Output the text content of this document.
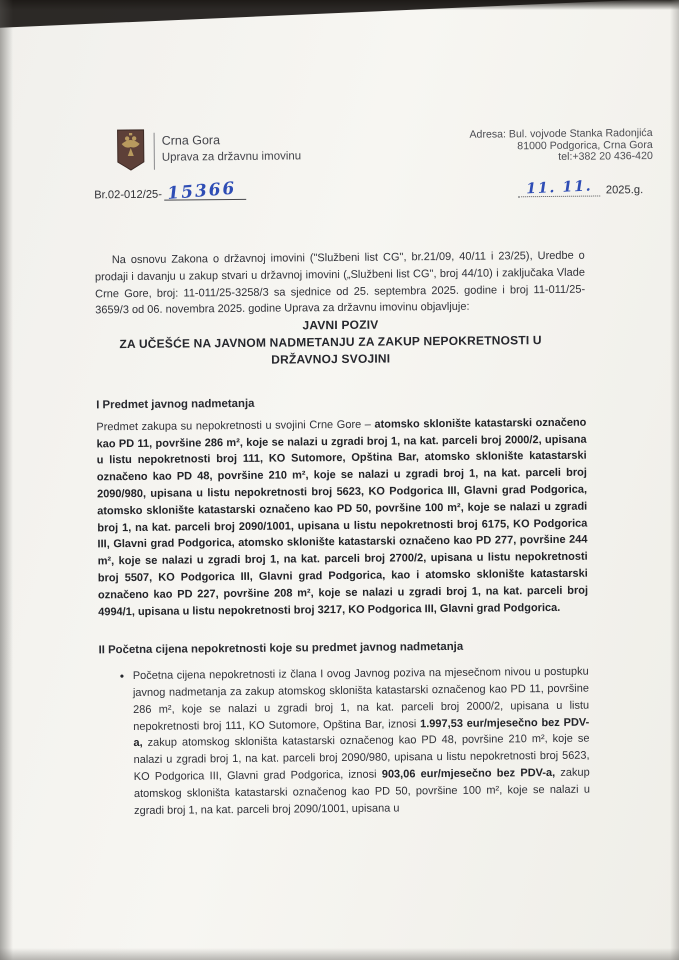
Crna Gora
Uprava za državnu imovinu
Adresa: Bul. vojvode Stanka Radonjića
81000 Podgorica, Crna Gora
tel:+382 20 436-420
Br.02-012/25- 15366	11. 11.	2025.g.

Na osnovu Zakona o državnoj imovini ("Službeni list CG", br.21/09, 40/11 i 23/25), Uredbe o prodaji i davanju u zakup stvari u državnoj imovini („Službeni list CG", broj 44/10) i zaključaka Vlade Crne Gore, broj: 11-011/25-3258/3 sa sjednice od 25. septembra 2025. godine i broj 11-011/25-3659/3 od 06. novembra 2025. godine Uprava za državnu imovinu objavljuje:

JAVNI POZIV

ZA UČEŠĆE NA JAVNOM NADMETANJU ZA ZAKUP NEPOKRETNOSTI U DRŽAVNOJ SVOJINI

I Predmet javnog nadmetanja

Predmet zakupa su nepokretnosti u svojini Crne Gore – atomsko sklonište katastarski označeno kao PD 11, površine 286 m², koje se nalazi u zgradi broj 1, na kat. parceli broj 2000/2, upisana u listu nepokretnosti broj 111, KO Sutomore, Opština Bar, atomsko sklonište katastarski označeno kao PD 48, površine 210 m², koje se nalazi u zgradi broj 1, na kat. parceli broj 2090/980, upisana u listu nepokretnosti broj 5623, KO Podgorica III, Glavni grad Podgorica, atomsko sklonište katastarski označeno kao PD 50, površine 100 m², koje se nalazi u zgradi broj 1, na kat. parceli broj 2090/1001, upisana u listu nepokretnosti broj 6175, KO Podgorica III, Glavni grad Podgorica, atomsko sklonište katastarski označeno kao PD 277, površine 244 m², koje se nalazi u zgradi broj 1, na kat. parceli broj 2700/2, upisana u listu nepokretnosti broj 5507, KO Podgorica III, Glavni grad Podgorica, kao i atomsko sklonište katastarski označeno kao PD 227, površine 208 m², koje se nalazi u zgradi broj 1, na kat. parceli broj 4994/1, upisana u listu nepokretnosti broj 3217, KO Podgorica III, Glavni grad Podgorica.

II Početna cijena nepokretnosti koje su predmet javnog nadmetanja

• Početna cijena nepokretnosti iz člana I ovog Javnog poziva na mjesečnom nivou u postupku javnog nadmetanja za zakup atomskog skloništa katastarski označenog kao PD 11, površine 286 m², koje se nalazi u zgradi broj 1, na kat. parceli broj 2000/2, upisana u listu nepokretnosti broj 111, KO Sutomore, Opština Bar, iznosi 1.997,53 eur/mjesečno bez PDV-a, zakup atomskog skloništa katastarski označenog kao PD 48, površine 210 m², koje se nalazi u zgradi broj 1, na kat. parceli broj 2090/980, upisana u listu nepokretnosti broj 5623, KO Podgorica III, Glavni grad Podgorica, iznosi 903,06 eur/mjesečno bez PDV-a, zakup atomskog skloništa katastarski označenog kao PD 50, površine 100 m², koje se nalazi u zgradi broj 1, na kat. parceli broj 2090/1001, upisana u
